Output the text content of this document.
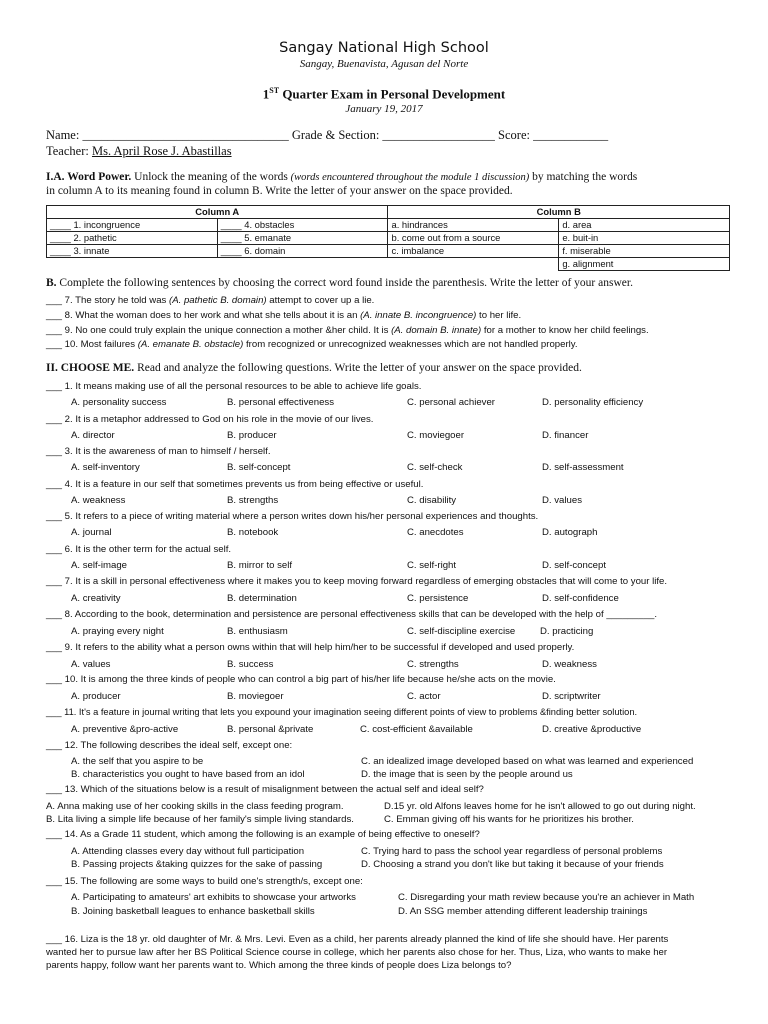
Sangay National High School
Sangay, Buenavista, Agusan del Norte
1ST Quarter Exam in Personal Development
January 19, 2017
Name: _________________________________ Grade & Section: __________________ Score: ____________
Teacher: Ms. April Rose J. Abastillas
I.A. Word Power. Unlock the meaning of the words (words encountered throughout the module 1 discussion) by matching the words
in column A to its meaning found in column B. Write the letter of your answer on the space provided.
Column A		Column B	
____ 1. incongruence	____ 4. obstacles	a. hindrances	d. area
____ 2. pathetic	____ 5. emanate	b. come out from a source	e. buit-in
____ 3. innate	____ 6. domain	c. imbalance	f. miserable
			g. alignment
B. Complete the following sentences by choosing the correct word found inside the parenthesis. Write the letter of your answer.
___ 7. The story he told was (A. pathetic B. domain) attempt to cover up a lie.
___ 8. What the woman does to her work and what she tells about it is an (A. innate B. incongruence) to her life.
___ 9. No one could truly explain the unique connection a mother &her child. It is (A. domain B. innate) for a mother to know her child feelings.
___ 10. Most failures (A. emanate B. obstacle) from recognized or unrecognized weaknesses which are not handled properly.
II. CHOOSE ME. Read and analyze the following questions. Write the letter of your answer on the space provided.
___ 1. It means making use of all the personal resources to be able to achieve life goals.
A. personality success	B. personal effectiveness	C. personal achiever	D. personality efficiency
___ 2. It is a metaphor addressed to God on his role in the movie of our lives.
A. director	B. producer	C. moviegoer	D. financer
___ 3. It is the awareness of man to himself / herself.
A. self-inventory	B. self-concept	C. self-check	D. self-assessment
___ 4. It is a feature in our self that sometimes prevents us from being effective or useful.
A. weakness	B. strengths	C. disability	D. values
___ 5. It refers to a piece of writing material where a person writes down his/her personal experiences and thoughts.
A. journal	B. notebook	C. anecdotes	D. autograph
___ 6. It is the other term for the actual self.
A. self-image	B. mirror to self	C. self-right	D. self-concept
___ 7. It is a skill in personal effectiveness where it makes you to keep moving forward regardless of emerging obstacles that will come to your life.
A. creativity	B. determination	C. persistence	D. self-confidence
___ 8. According to the book, determination and persistence are personal effectiveness skills that can be developed with the help of _________.
A. praying every night	B. enthusiasm	C. self-discipline exercise	D. practicing
___ 9. It refers to the ability what a person owns within that will help him/her to be successful if developed and used properly.
A. values	B. success	C. strengths	D. weakness
___ 10. It is among the three kinds of people who can control a big part of his/her life because he/she acts on the movie.
A. producer	B. moviegoer	C. actor	D. scriptwriter
___ 11. It's a feature in journal writing that lets you expound your imagination seeing different points of view to problems &finding better solution.
A. preventive &pro-active	B. personal &private	C. cost-efficient &available	D. creative &productive
___ 12. The following describes the ideal self, except one:
A. the self that you aspire to be	C. an idealized image developed based on what was learned and experienced
B. characteristics you ought to have based from an idol	D. the image that is seen by the people around us
___ 13. Which of the situations below is a result of misalignment between the actual self and ideal self?
A. Anna making use of her cooking skills in the class feeding program.	D.15 yr. old Alfons leaves home for he isn't allowed to go out during night.
B. Lita living a simple life because of her family's simple living standards.	C. Emman giving off his wants for he prioritizes his brother.
___ 14. As a Grade 11 student, which among the following is an example of being effective to oneself?
A. Attending classes every day without full participation	C. Trying hard to pass the school year regardless of personal problems
B. Passing projects &taking quizzes for the sake of passing	D. Choosing a strand you don't like but taking it because of your friends
___ 15. The following are some ways to build one's strength/s, except one:
A. Participating to amateurs' art exhibits to showcase your artworks	C. Disregarding your math review because you're an achiever in Math
B. Joining basketball leagues to enhance basketball skills	D. An SSG member attending different leadership trainings
___ 16. Liza is the 18 yr. old daughter of Mr. & Mrs. Levi. Even as a child, her parents already planned the kind of life she should have. Her parents
wanted her to pursue law after her BS Political Science course in college, which her parents also chose for her. Thus, Liza, who wants to make her
parents happy, follow want her parents want to. Which among the three kinds of people does Liza belongs to?
